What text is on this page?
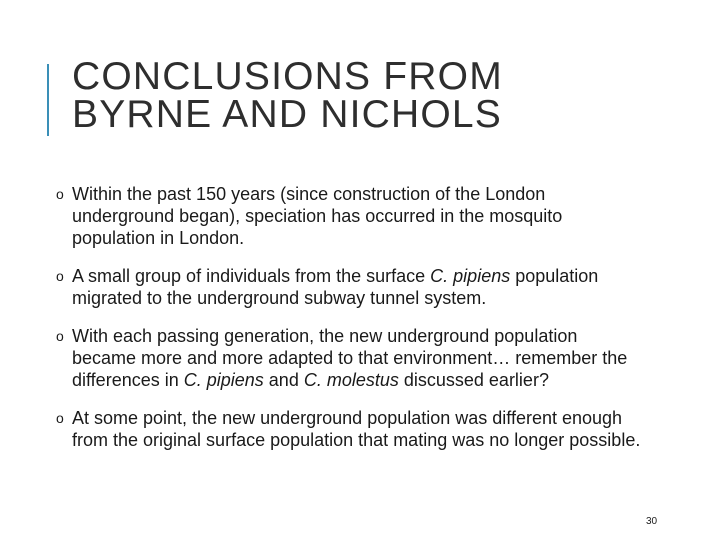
CONCLUSIONS FROM
BYRNE AND NICHOLS
o Within the past 150 years (since construction of the London underground began), speciation has occurred in the mosquito population in London.
o A small group of individuals from the surface C. pipiens population migrated to the underground subway tunnel system.
o With each passing generation, the new underground population became more and more adapted to that environment… remember the differences in C. pipiens and C. molestus discussed earlier?
o At some point, the new underground population was different enough from the original surface population that mating was no longer possible.
30
